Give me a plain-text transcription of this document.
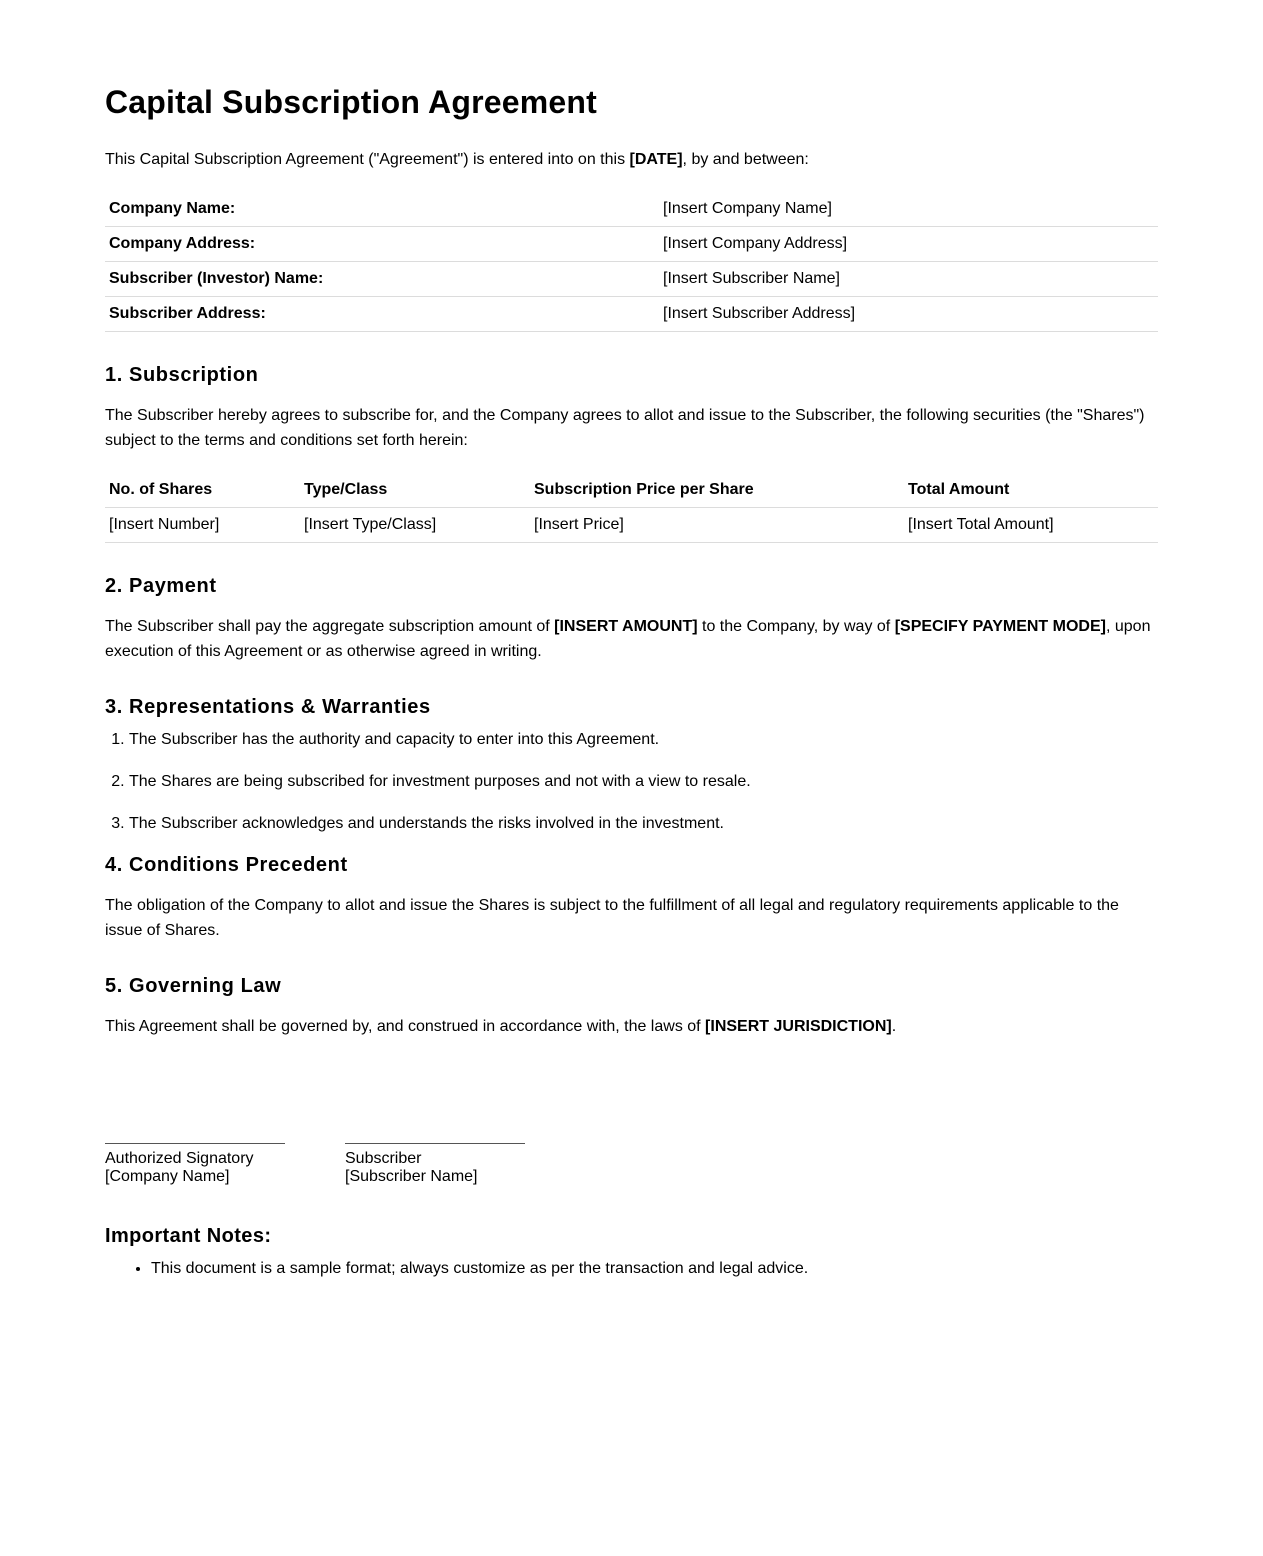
Capital Subscription Agreement

This Capital Subscription Agreement ("Agreement") is entered into on this [DATE], by and between:

Company Name:	[Insert Company Name]
Company Address:	[Insert Company Address]
Subscriber (Investor) Name:	[Insert Subscriber Name]
Subscriber Address:	[Insert Subscriber Address]
1. Subscription

The Subscriber hereby agrees to subscribe for, and the Company agrees to allot and issue to the Subscriber, the following securities (the "Shares") subject to the terms and conditions set forth herein:

No. of Shares	Type/Class	Subscription Price per Share	Total Amount
[Insert Number]	[Insert Type/Class]	[Insert Price]	[Insert Total Amount]
2. Payment

The Subscriber shall pay the aggregate subscription amount of [INSERT AMOUNT] to the Company, by way of [SPECIFY PAYMENT MODE], upon execution of this Agreement or as otherwise agreed in writing.

3. Representations & Warranties
1. The Subscriber has the authority and capacity to enter into this Agreement.
2. The Shares are being subscribed for investment purposes and not with a view to resale.
3. The Subscriber acknowledges and understands the risks involved in the investment.
4. Conditions Precedent

The obligation of the Company to allot and issue the Shares is subject to the fulfillment of all legal and regulatory requirements applicable to the issue of Shares.

5. Governing Law

This Agreement shall be governed by, and construed in accordance with, the laws of [INSERT JURISDICTION].

Authorized Signatory
[Company Name]
Subscriber
[Subscriber Name]
Important Notes:
• This document is a sample format; always customize as per the transaction and legal advice.
